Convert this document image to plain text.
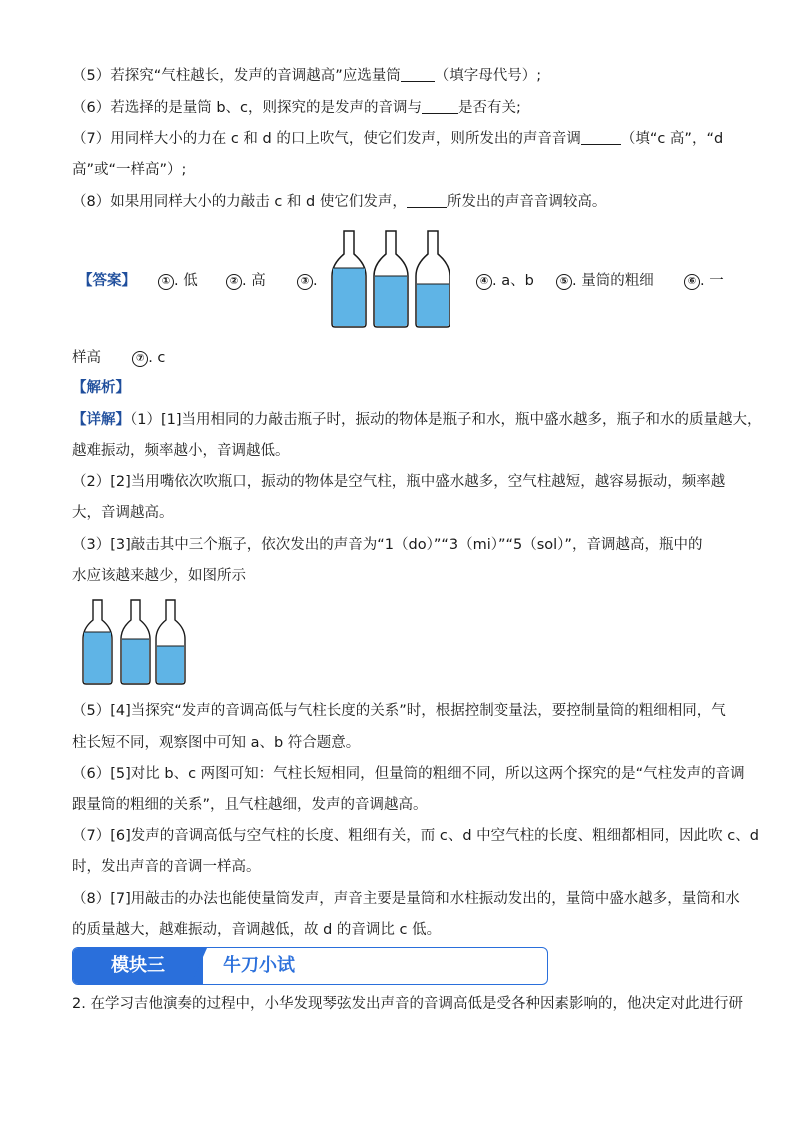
（5）若探究“气柱越长，发声的音调越高”应选量筒 （填字母代号）;
（6）若选择的是量筒 b、c，则探究的是发声的音调与 是否有关;
（7）用同样大小的力在 c 和 d 的口上吹气，使它们发声，则所发出的声音音调	（填“c 高”，“d
高”或“一样高”）;
（8）如果用同样大小的力敲击 c 和 d 使它们发声，	所发出的声音音调较高。
【答案】	① . 低	② . 高	③ .	④ . a、b	⑤ . 量筒的粗细	⑥ . 一
样高	⑦ . c
【解析】
【详解】（1）[1]当用相同的力敲击瓶子时，振动的物体是瓶子和水，瓶中盛水越多，瓶子和水的质量越大，
越难振动，频率越小，音调越低。
（2）[2]当用嘴依次吹瓶口，振动的物体是空气柱，瓶中盛水越多，空气柱越短，越容易振动，频率越
大，音调越高。
（3）[3]敲击其中三个瓶子，依次发出的声音为“1（do）”“3（mi）”“5（sol）”，音调越高，瓶中的
水应该越来越少，如图所示
（5）[4]当探究“发声的音调高低与气柱长度的关系”时，根据控制变量法，要控制量筒的粗细相同，气
柱长短不同，观察图中可知 a、b 符合题意。
（6）[5]对比 b、c 两图可知：气柱长短相同，但量筒的粗细不同，所以这两个探究的是“气柱发声的音调
跟量筒的粗细的关系”，且气柱越细，发声的音调越高。
（7）[6]发声的音调高低与空气柱的长度、粗细有关，而 c、d 中空气柱的长度、粗细都相同，因此吹 c、d
时，发出声音的音调一样高。
（8）[7]用敲击的办法也能使量筒发声，声音主要是量筒和水柱振动发出的，量筒中盛水越多，量筒和水
的质量越大，越难振动，音调越低，故 d 的音调比 c 低。
模块三	牛刀小试
2. 在学习吉他演奏的过程中，小华发现琴弦发出声音的音调高低是受各种因素影响的，他决定对此进行研
